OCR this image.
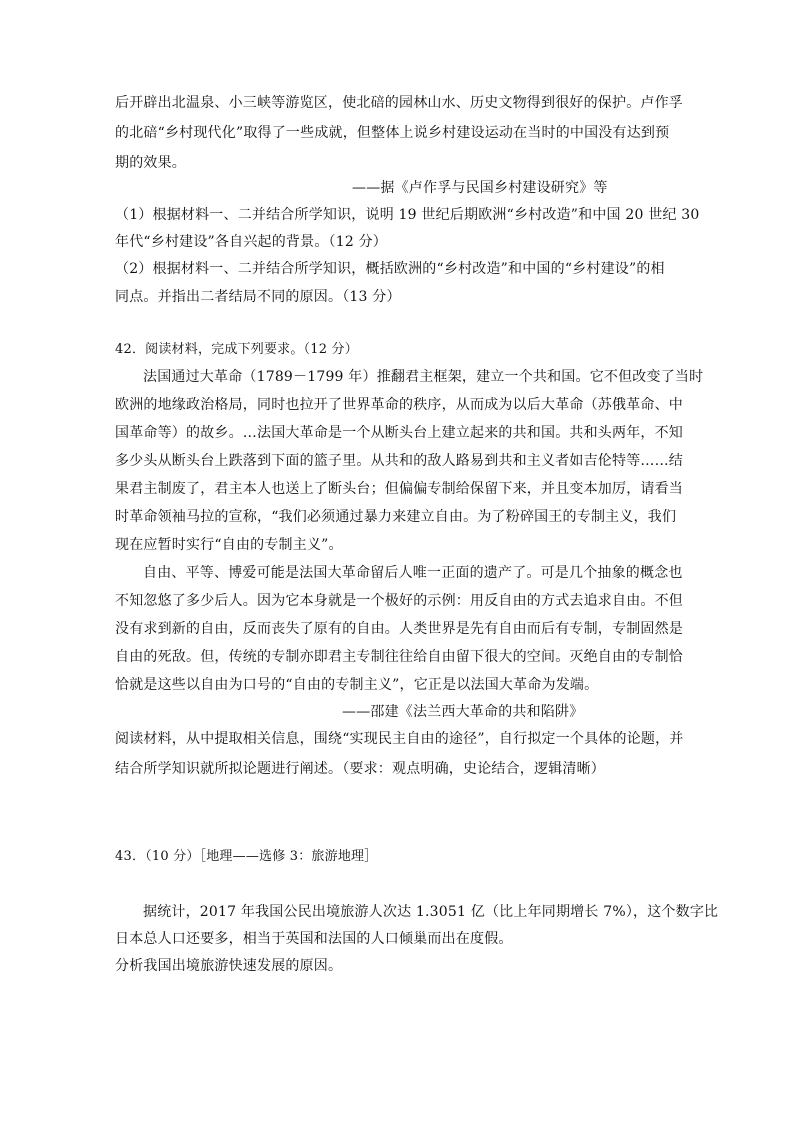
后开辟出北温泉、小三峡等游览区，使北碚的园林山水、历史文物得到很好的保护。卢作孚
的北碚“乡村现代化”取得了一些成就，但整体上说乡村建设运动在当时的中国没有达到预
期的效果。
——据《卢作孚与民国乡村建设研究》等
（1）根据材料一、二并结合所学知识，说明 19 世纪后期欧洲“乡村改造”和中国 20 世纪 30
年代“乡村建设”各自兴起的背景。（12 分）
（2）根据材料一、二并结合所学知识，概括欧洲的“乡村改造”和中国的“乡村建设”的相
同点。并指出二者结局不同的原因。（13 分）
42．阅读材料，完成下列要求。（12 分）
法国通过大革命（1789－1799 年）推翻君主框架，建立一个共和国。它不但改变了当时
欧洲的地缘政治格局，同时也拉开了世界革命的秩序，从而成为以后大革命（苏俄革命、中
国革命等）的故乡。…法国大革命是一个从断头台上建立起来的共和国。共和头两年，不知
多少头从断头台上跌落到下面的篮子里。从共和的敌人路易到共和主义者如吉伦特等……结
果君主制废了，君主本人也送上了断头台；但偏偏专制给保留下来，并且变本加厉，请看当
时革命领袖马拉的宣称，“我们必须通过暴力来建立自由。为了粉碎国王的专制主义，我们
现在应暂时实行“自由的专制主义”。
自由、平等、博爱可能是法国大革命留后人唯一正面的遗产了。可是几个抽象的概念也
不知忽悠了多少后人。因为它本身就是一个极好的示例：用反自由的方式去追求自由。不但
没有求到新的自由，反而丧失了原有的自由。人类世界是先有自由而后有专制，专制固然是
自由的死敌。但，传统的专制亦即君主专制往往给自由留下很大的空间。灭绝自由的专制恰
恰就是这些以自由为口号的“自由的专制主义”，它正是以法国大革命为发端。
——邵建《法兰西大革命的共和陷阱》
阅读材料，从中提取相关信息，围绕“实现民主自由的途径”，自行拟定一个具体的论题，并
结合所学知识就所拟论题进行阐述。（要求：观点明确，史论结合，逻辑清晰）
43．（10 分）［地理——选修 3：旅游地理］
据统计，2017 年我国公民出境旅游人次达 1.3051 亿（比上年同期增长 7%），这个数字比
日本总人口还要多，相当于英国和法国的人口倾巢而出在度假。
分析我国出境旅游快速发展的原因。
